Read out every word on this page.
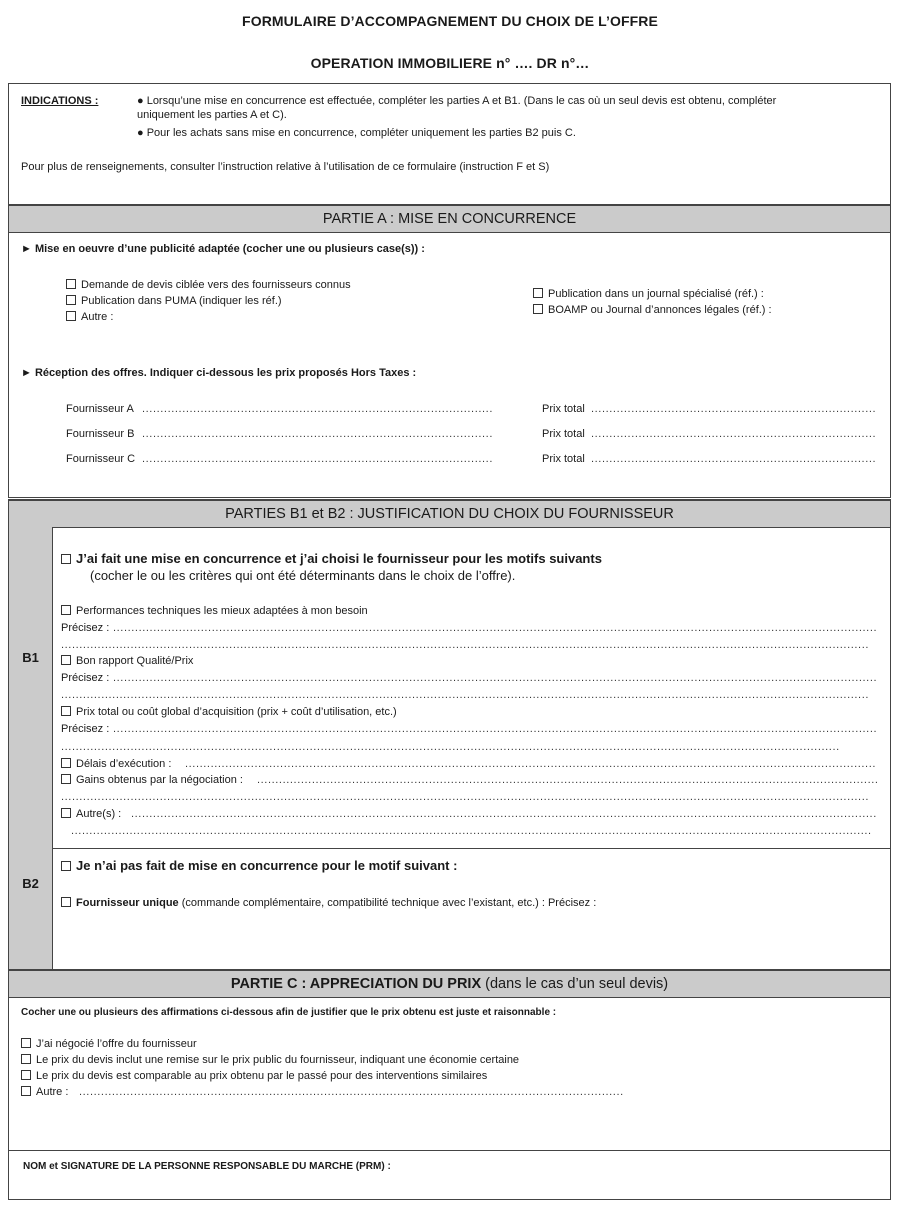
FORMULAIRE D’ACCOMPAGNEMENT DU CHOIX DE L’OFFRE
OPERATION IMMOBILIERE n° …. DR n°…
INDICATIONS :	● Lorsqu’une mise en concurrence est effectuée, compléter les parties A et B1. (Dans le cas où un seul devis est obtenu, compléter
uniquement les parties A et C).
● Pour les achats sans mise en concurrence, compléter uniquement les parties B2 puis C.
Pour plus de renseignements, consulter l’instruction relative à l’utilisation de ce formulaire (instruction F et S)
PARTIE A : MISE EN CONCURRENCE
► Mise en oeuvre d’une publicité adaptée (cocher une ou plusieurs case(s)) :
Demande de devis ciblée vers des fournisseurs connus
Publication dans PUMA (indiquer les réf.)
Autre :
Publication dans un journal spécialisé (réf.) :
BOAMP ou Journal d’annonces légales (réf.) :
► Réception des offres. Indiquer ci-dessous les prix proposés Hors Taxes :
Fournisseur A .....	Prix total
.....
Fournisseur B .....	Prix total
.....
Fournisseur C .....	Prix total
.....
PARTIES B1 et B2 : JUSTIFICATION DU CHOIX DU FOURNISSEUR
B1
J’ai fait une mise en concurrence et j’ai choisi le fournisseur pour les motifs suivants
(cocher le ou les critères qui ont été déterminants dans le choix de l’offre).
Performances techniques les mieux adaptées à mon besoin
Précisez :
.....
.....
Bon rapport Qualité/Prix
Précisez :
.....
.....
Prix total ou coût global d’acquisition (prix + coût d’utilisation, etc.)
Précisez :
.....
.....
Délais d’exécution :
.....
Gains obtenus par la négociation :
.....
.....
Autre(s) :
.....
.....
B2
Je n’ai pas fait de mise en concurrence pour le motif suivant :
Fournisseur unique (commande complémentaire, compatibilité technique avec l’existant, etc.) : Précisez :
PARTIE C : APPRECIATION DU PRIX (dans le cas d’un seul devis)
Cocher une ou plusieurs des affirmations ci-dessous afin de justifier que le prix obtenu est juste et raisonnable :
J’ai négocié l’offre du fournisseur
Le prix du devis inclut une remise sur le prix public du fournisseur, indiquant une économie certaine
Le prix du devis est comparable au prix obtenu par le passé pour des interventions similaires
Autre :
.....
NOM et SIGNATURE DE LA PERSONNE RESPONSABLE DU MARCHE (PRM) :
